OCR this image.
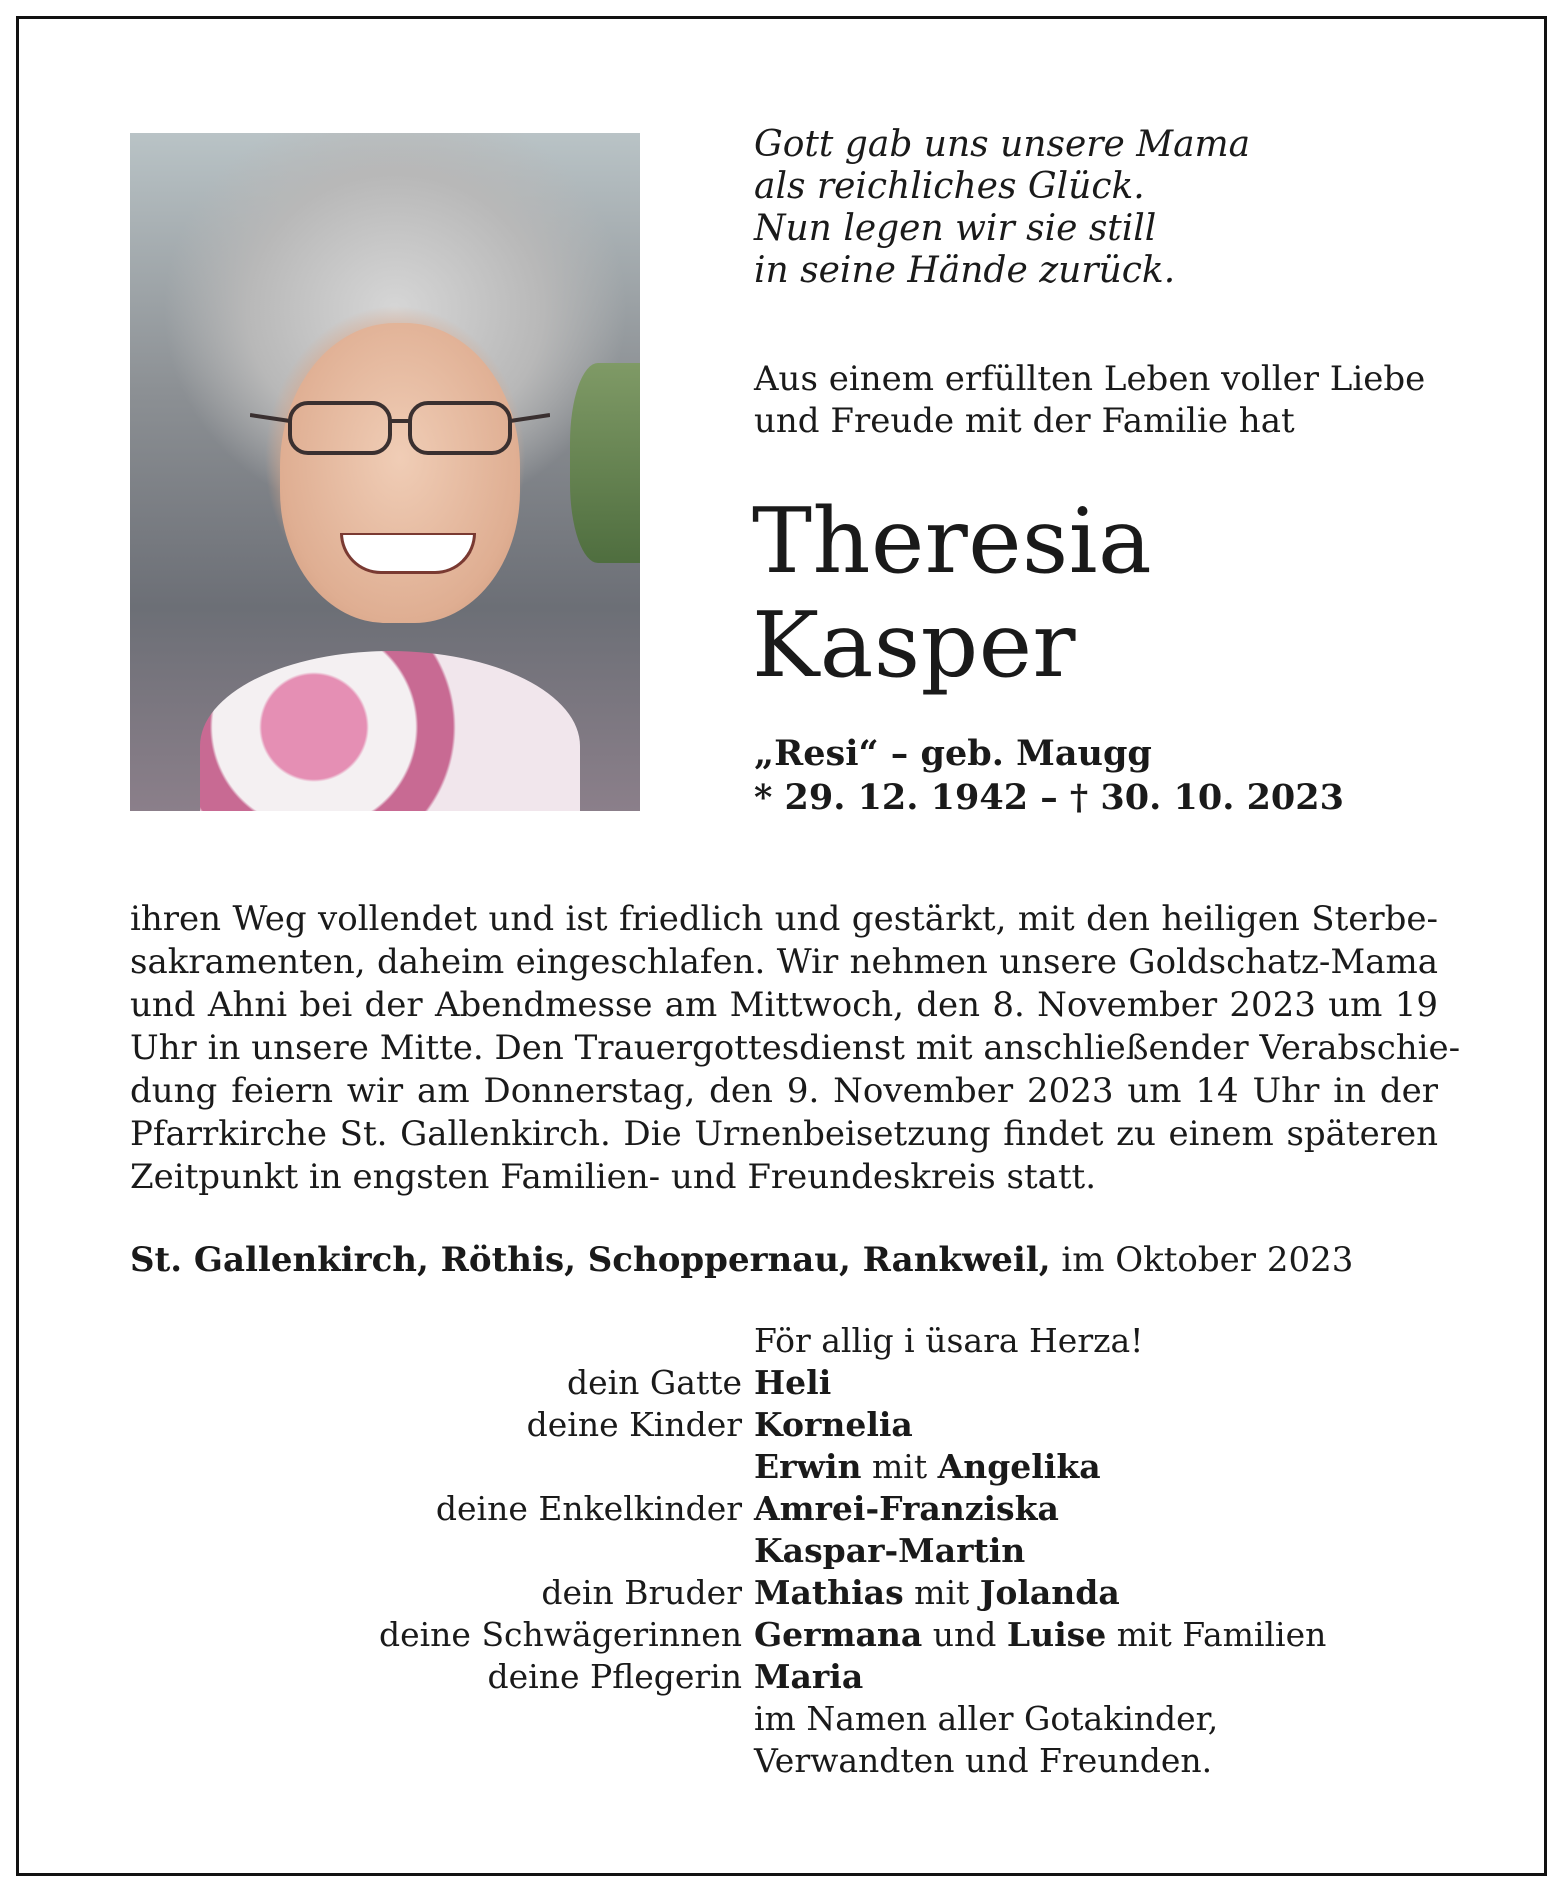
Gott gab uns unsere Mama
als reichliches Glück.
Nun legen wir sie still
in seine Hände zurück.
Aus einem erfüllten Leben voller Liebe
und Freude mit der Familie hat
Theresia
Kasper
„Resi“ – geb. Maugg
* 29. 12. 1942 – † 30. 10. 2023
ihren Weg vollendet und ist friedlich und gestärkt, mit den heiligen Sterbe-
sakramenten, daheim eingeschlafen. Wir nehmen unsere Goldschatz-Mama
und Ahni bei der Abendmesse am Mittwoch, den 8. November 2023 um 19
Uhr in unsere Mitte. Den Trauergottesdienst mit anschließender Verabschie-
dung feiern wir am Donnerstag, den 9. November 2023 um 14 Uhr in der
Pfarrkirche St. Gallenkirch. Die Urnenbeisetzung findet zu einem späteren
Zeitpunkt in engsten Familien- und Freundeskreis statt.
St. Gallenkirch, Röthis, Schoppernau, Rankweil, im Oktober 2023
För allig i üsara Herza!
dein Gatte Heli
deine Kinder Kornelia
Erwin mit Angelika
deine Enkelkinder Amrei-Franziska
Kaspar-Martin
dein Bruder Mathias mit Jolanda
deine Schwägerinnen Germana und Luise mit Familien
deine Pflegerin Maria
im Namen aller Gotakinder,
Verwandten und Freunden.
